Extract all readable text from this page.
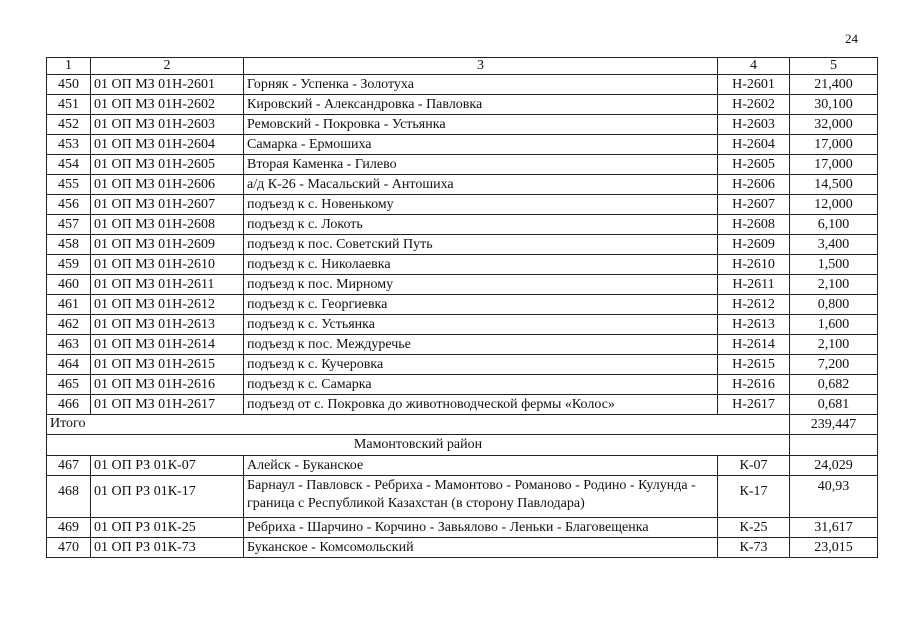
24
1	2	3	4	5
450	01 ОП МЗ 01Н-2601	Горняк - Успенка - Золотуха	Н-2601	21,400
451	01 ОП МЗ 01Н-2602	Кировский - Александровка - Павловка	Н-2602	30,100
452	01 ОП МЗ 01Н-2603	Ремовский - Покровка - Устьянка	Н-2603	32,000
453	01 ОП МЗ 01Н-2604	Самарка - Ермошиха	Н-2604	17,000
454	01 ОП МЗ 01Н-2605	Вторая Каменка - Гилево	Н-2605	17,000
455	01 ОП МЗ 01Н-2606	а/д К-26 - Масальский - Антошиха	Н-2606	14,500
456	01 ОП МЗ 01Н-2607	подъезд к с. Новенькому	Н-2607	12,000
457	01 ОП МЗ 01Н-2608	подъезд к с. Локоть	Н-2608	6,100
458	01 ОП МЗ 01Н-2609	подъезд к пос. Советский Путь	Н-2609	3,400
459	01 ОП МЗ 01Н-2610	подъезд к с. Николаевка	Н-2610	1,500
460	01 ОП МЗ 01Н-2611	подъезд к пос. Мирному	Н-2611	2,100
461	01 ОП МЗ 01Н-2612	подъезд к с. Георгиевка	Н-2612	0,800
462	01 ОП МЗ 01Н-2613	подъезд к с. Устьянка	Н-2613	1,600
463	01 ОП МЗ 01Н-2614	подъезд к пос. Междуречье	Н-2614	2,100
464	01 ОП МЗ 01Н-2615	подъезд к с. Кучеровка	Н-2615	7,200
465	01 ОП МЗ 01Н-2616	подъезд к с. Самарка	Н-2616	0,682
466	01 ОП МЗ 01Н-2617	подъезд от с. Покровка до животноводческой фермы «Колос»	Н-2617	0,681
Итого				239,447
Мамонтовский район				
467	01 ОП РЗ 01К-07	Алейск - Буканское	К-07	24,029
468	01 ОП РЗ 01К-17	Барнаул - Павловск - Ребриха - Мамонтово - Романово - Родино - Кулунда - граница с Республикой Казахстан (в сторону Павлодара)	К-17	40,93
469	01 ОП РЗ 01К-25	Ребриха - Шарчино - Корчино - Завьялово - Леньки - Благовещенка	К-25	31,617
470	01 ОП РЗ 01К-73	Буканское - Комсомольский	К-73	23,015
